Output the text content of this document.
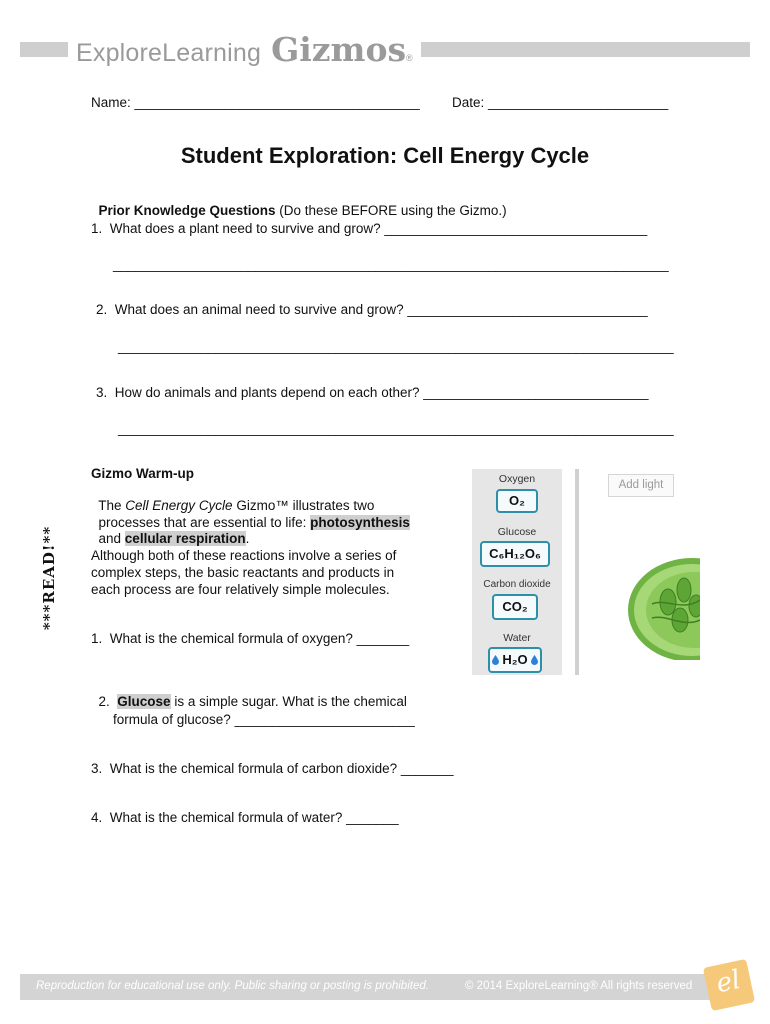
Explore Learning Gizmos ®
Name: ______________________________________ Date: ________________________
Student Exploration: Cell Energy Cycle

Prior Knowledge Questions (Do these BEFORE using the Gizmo.)

1.  What does a plant need to survive and grow? ___________________________________
__________________________________________________________________________
2.  What does an animal need to survive and grow? ________________________________
__________________________________________________________________________
3.  How do animals and plants depend on each other? ______________________________
__________________________________________________________________________
***READ!**
Gizmo Warm-up

The Cell Energy Cycle Gizmo™ illustrates two

processes that are essential to life: photosynthesis

and cellular respiration.

Although both of these reactions involve a series of
complex steps, the basic reactants and products in
each process are four relatively simple molecules.
1.  What is the chemical formula of oxygen? _______

2.  Glucose is a simple sugar. What is the chemical

formula of glucose? ________________________
3.  What is the chemical formula of carbon dioxide? _______
4.  What is the chemical formula of water? _______
Oxygen
O₂
Glucose
C₆H₁₂O₆
Carbon dioxide
CO₂
Water
H₂O
Add light
Reproduction for educational use only. Public sharing or posting is prohibited.	© 2014 ExploreLearning® All rights reserved el
